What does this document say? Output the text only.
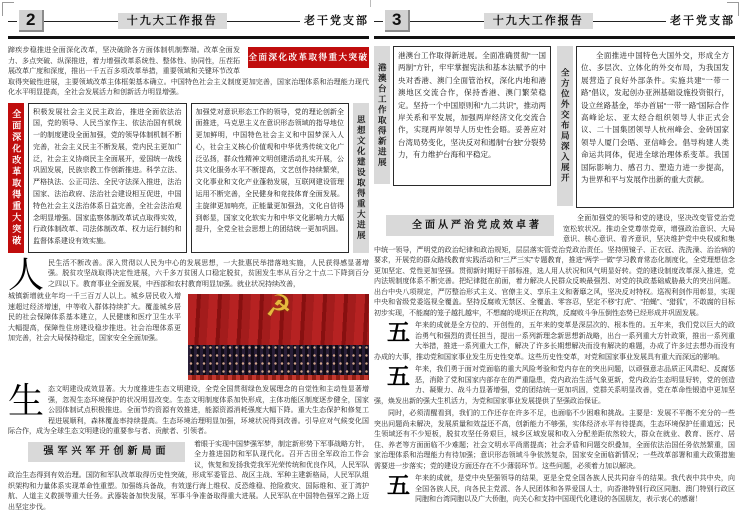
2	十九大工作报告	老干党支部
全面深化改革取得重大突破
蹄疾步稳推进全面深化改革，坚决破除各方面体制机制弊端。改革全面发力、多点突破、纵深推进，着力增强改革系统性、整体性、协同性，压茬拓展改革广度和深度，推出一千五百多项改革举措，重要领域和关键环节改革取得突破性进展，主要领域改革主体框架基本确立。中国特色社会主义制度更加完善，国家治理体系和治理能力现代化水平明显提高，全社会发展活力和创新活力明显增强。
全面深化改革取得重大突破	积极发展社会主义民主政治，推进全面依法治国，党的领导、人民当家作主、依法治国有机统一的制度建设全面加强，党的领导体制机制不断完善，社会主义民主不断发展，党内民主更加广泛，社会主义协商民主全面展开，爱国统一战线巩固发展，民族宗教工作创新推进。科学立法、严格执法、公正司法、全民守法深入推进，法治国家、法治政府、法治社会建设相互促进，中国特色社会主义法治体系日益完善，全社会法治观念明显增强。国家监察体制改革试点取得实效，行政体制改革、司法体制改革、权力运行制约和监督体系建设有效实施。
加强党对意识形态工作的领导，党的理论创新全面推进，马克思主义在意识形态领域的指导地位更加鲜明，中国特色社会主义和中国梦深入人心，社会主义核心价值观和中华优秀传统文化广泛弘扬，群众性精神文明创建活动扎实开展，公共文化服务水平不断提高，文艺创作持续繁荣，文化事业和文化产业蓬勃发展，互联网建设管理运用不断完善，全民健身和竞技体育全面发展。主旋律更加响亮，正能量更加强劲，文化自信得到彰显，国家文化软实力和中华文化影响力大幅提升，全党全社会思想上的团结统一更加巩固。	思想文化建设取得重大进展
人 民生活不断改善。深入贯彻以人民为中心的发展思想，一大批惠民举措落地实施，人民获得感显著增强。脱贫攻坚战取得决定性进展，六千多万贫困人口稳定脱贫，贫困发生率从百分之十点二下降到百分之四以下。教育事业全面发展，中西部和农村教育明显加强。就业状况持续改善，
☭
城镇新增就业年均一千三百万人以上。城乡居民收入增速超过经济增速，中等收入群体持续扩大。覆盖城乡居民的社会保障体系基本建立，人民健康和医疗卫生水平大幅提高，保障性住房建设稳步推进。社会治理体系更加完善，社会大局保持稳定，国家安全全面加强。
生 态文明建设成效显著。大力度推进生态文明建设，全党全国贯彻绿色发展理念的自觉性和主动性显著增强，忽视生态环境保护的状况明显改变。生态文明制度体系加快形成，主体功能区制度逐步健全，国家公园体制试点积极推进。全面节约资源有效推进，能源资源消耗强度大幅下降。重大生态保护和修复工程进展顺利，森林覆盖率持续提高。生态环境治理明显加强，环境状况得到改善。引导应对气候变化国际合作，成为全球生态文明建设的重要参与者、贡献者、引领者。
强军兴军开创新局面
着眼于实现中国梦强军梦，制定新形势下军事战略方针，全力推进国防和军队现代化。召开古田全军政治工作会议，恢复和发扬我党我军光荣传统和优良作风，人民军队政治生态得到有效治理。国防和军队改革取得历史性突破，形成军委管总、战区主战、军种主建新格局，人民军队组织架构和力量体系实现革命性重塑。加强练兵备战，有效遂行海上维权、反恐维稳、抢险救灾、国际维和、亚丁湾护航、人道主义救援等重大任务。武器装备加快发展，军事斗争准备取得重大进展。人民军队在中国特色强军之路上迈出坚定步伐。
3	十九大工作报告	老干党支部
港澳台工作取得新进展
港澳台工作取得新进展。全面准确贯彻“一国两制”方针，牢牢掌握宪法和基本法赋予的中央对香港、澳门全面管治权，深化内地和港澳地区交流合作，保持香港、澳门繁荣稳定。坚持一个中国原则和“九二共识”，推动两岸关系和平发展，加强两岸经济文化交流合作，实现两岸领导人历史性会晤。妥善应对台湾局势变化，坚决反对和遏制“台独”分裂势力，有力维护台海和平稳定。	全方位外交布局深入展开
全面推进中国特色大国外交，形成全方位、多层次、立体化的外交布局，为我国发展营造了良好外部条件。实施共建“一带一路”倡议，发起创办亚洲基础设施投资银行，设立丝路基金，举办首届“一带一路”国际合作高峰论坛、亚太经合组织领导人非正式会议、二十国集团领导人杭州峰会、金砖国家领导人厦门会晤、亚信峰会。倡导构建人类命运共同体，促进全球治理体系变革。我国国际影响力、感召力、塑造力进一步提高，为世界和平与发展作出新的重大贡献。
全面从严治党成效卓著
全面加强党的领导和党的建设，坚决改变管党治党宽松软状况。推动全党尊崇党章，增强政治意识、大局意识、核心意识、看齐意识，坚决维护党中央权威和集中统一领导，严明党的政治纪律和政治规矩，层层落实管党治党政治责任。坚持照镜子、正衣冠、洗洗澡、治治病的要求，开展党的群众路线教育实践活动和“三严三实”专题教育，推进“两学一做”学习教育常态化制度化，全党理想信念更加坚定、党性更加坚强。贯彻新时期好干部标准，选人用人状况和风气明显好转。党的建设制度改革深入推进，党内法规制度体系不断完善。把纪律挺在前面，着力解决人民群众反映最强烈、对党的执政基础威胁最大的突出问题。出台中央八项规定，严厉整治形式主义、官僚主义、享乐主义和奢靡之风，坚决反对特权。巡视利剑作用彰显，实现中央和省级党委巡视全覆盖。坚持反腐败无禁区、全覆盖、零容忍，坚定不移“打虎”、“拍蝇”、“猎狐”，不敢腐的目标初步实现，不能腐的笼子越扎越牢，不想腐的堤坝正在构筑，反腐败斗争压倒性态势已经形成并巩固发展。
五 年来的成就是全方位的、开创性的，五年来的变革是深层次的、根本性的。五年来，我们党以巨大的政治勇气和强烈的责任担当，提出一系列新理念新思想新战略，出台一系列重大方针政策，推出一系列重大举措，推进一系列重大工作，解决了许多长期想解决而没有解决的难题，办成了许多过去想办而没有办成的大事，推动党和国家事业发生历史性变革。这些历史性变革，对党和国家事业发展具有重大而深远的影响。
五 年来，我们勇于面对党面临的重大风险考验和党内存在的突出问题，以顽强意志品质正风肃纪、反腐惩恶，消除了党和国家内部存在的严重隐患，党内政治生活气象更新，党内政治生态明显好转，党的创造力、凝聚力、战斗力显著增强，党的团结统一更加巩固，党群关系明显改善，党在革命性锻造中更加坚强，焕发出新的强大生机活力，为党和国家事业发展提供了坚强政治保证。
同时，必须清醒看到，我们的工作还存在许多不足，也面临不少困难和挑战。主要是：发展不平衡不充分的一些突出问题尚未解决，发展质量和效益还不高，创新能力不够强，实体经济水平有待提高，生态环境保护任重道远；民生领域还有不少短板，脱贫攻坚任务艰巨，城乡区域发展和收入分配差距依然较大，群众在就业、教育、医疗、居住、养老等方面面临不少难题；社会文明水平尚需提高；社会矛盾和问题交织叠加，全面依法治国任务依然繁重，国家治理体系和治理能力有待加强；意识形态领域斗争依然复杂，国家安全面临新情况；一些改革部署和重大政策措施需要进一步落实；党的建设方面还存在不少薄弱环节。这些问题，必须着力加以解决。
五 年来的成就，是党中央坚强领导的结果，更是全党全国各族人民共同奋斗的结果。我代表中共中央，向全国各族人民，向各民主党派、各人民团体和各界爱国人士，向香港特别行政区同胞、澳门特别行政区同胞和台湾同胞以及广大侨胞，向关心和支持中国现代化建设的各国朋友，表示衷心的感谢！
